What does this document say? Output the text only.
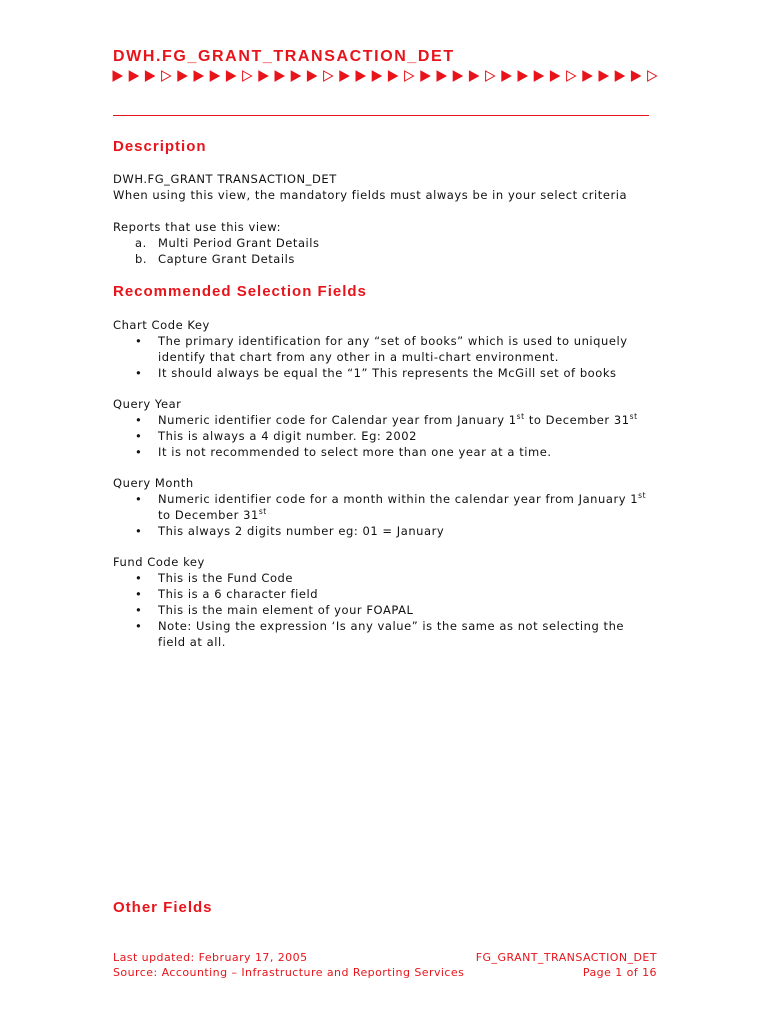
DWH.FG_GRANT_TRANSACTION_DET
Description
DWH.FG_GRANT TRANSACTION_DET
When using this view, the mandatory fields must always be in your select criteria
Reports that use this view:
a. Multi Period Grant Details
b. Capture Grant Details
Recommended Selection Fields
Chart Code Key
• The primary identification for any “set of books” which is used to uniquely
identify that chart from any other in a multi-chart environment.
• It should always be equal the “1” This represents the McGill set of books
Query Year
• Numeric identifier code for Calendar year from January 1st to December 31st
• This is always a 4 digit number. Eg: 2002
• It is not recommended to select more than one year at a time.
Query Month
• Numeric identifier code for a month within the calendar year from January 1st
to December 31st
• This always 2 digits number eg: 01 = January
Fund Code key
• This is the Fund Code
• This is a 6 character field
• This is the main element of your FOAPAL
• Note: Using the expression ‘Is any value” is the same as not selecting the
field at all.
Other Fields
Last updated: February 17, 2005
Source: Accounting – Infrastructure and Reporting Services
FG_GRANT_TRANSACTION_DET
Page 1 of 16
